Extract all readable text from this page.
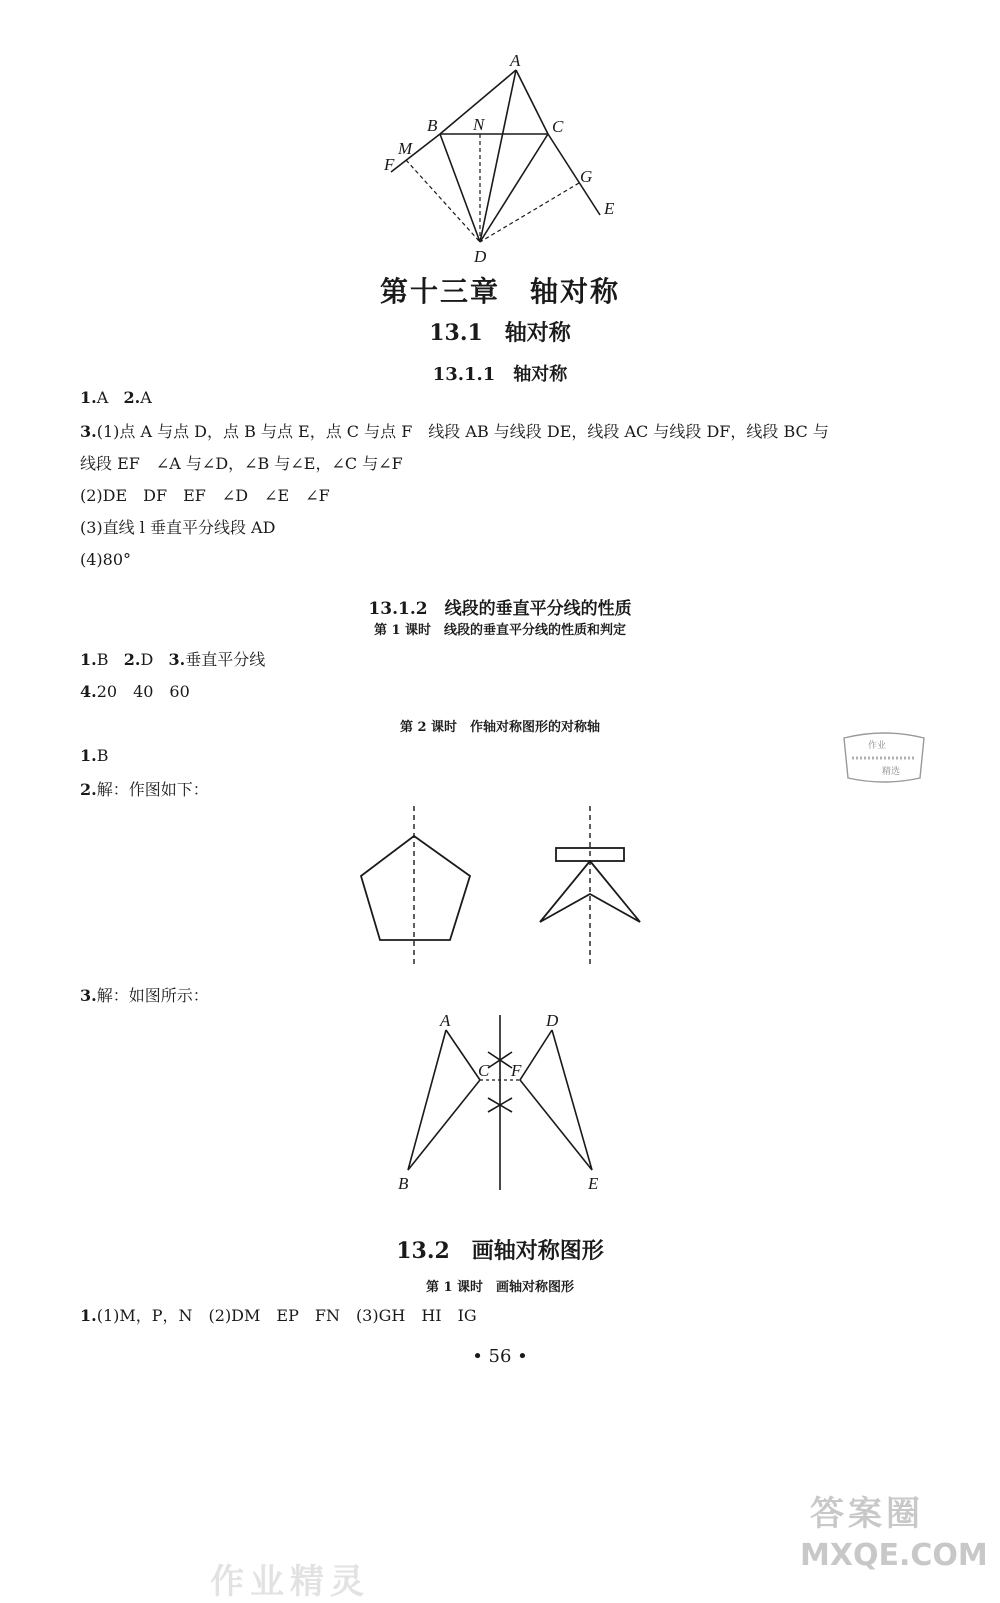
A
B N	C
M
F
G
E
D
第十三章　轴对称
13.1　轴对称
13.1.1　轴对称
1.A 2.A
3.(1)点 A 与点 D，点 B 与点 E，点 C 与点 F　线段 AB 与线段 DE，线段 AC 与线段 DF，线段 BC 与
线段 EF　∠A 与∠D，∠B 与∠E，∠C 与∠F
(2)DE　DF　EF　∠D　∠E　∠F
(3)直线 l 垂直平分线段 AD
(4)80°
13.1.2　线段的垂直平分线的性质
第 1 课时　线段的垂直平分线的性质和判定
1.B 2.D 3.垂直平分线
4.20　40　60
第 2 课时　作轴对称图形的对称轴
作业
精选
1.B
2.解：作图如下：
3.解：如图所示：
A
C F
D
B	E
13.2　画轴对称图形
第 1 课时　画轴对称图形
1.(1)M，P，N　(2)DM　EP　FN　(3)GH　HI　IG
• 56 •
答案圈
MXQE.COM
作业精灵
